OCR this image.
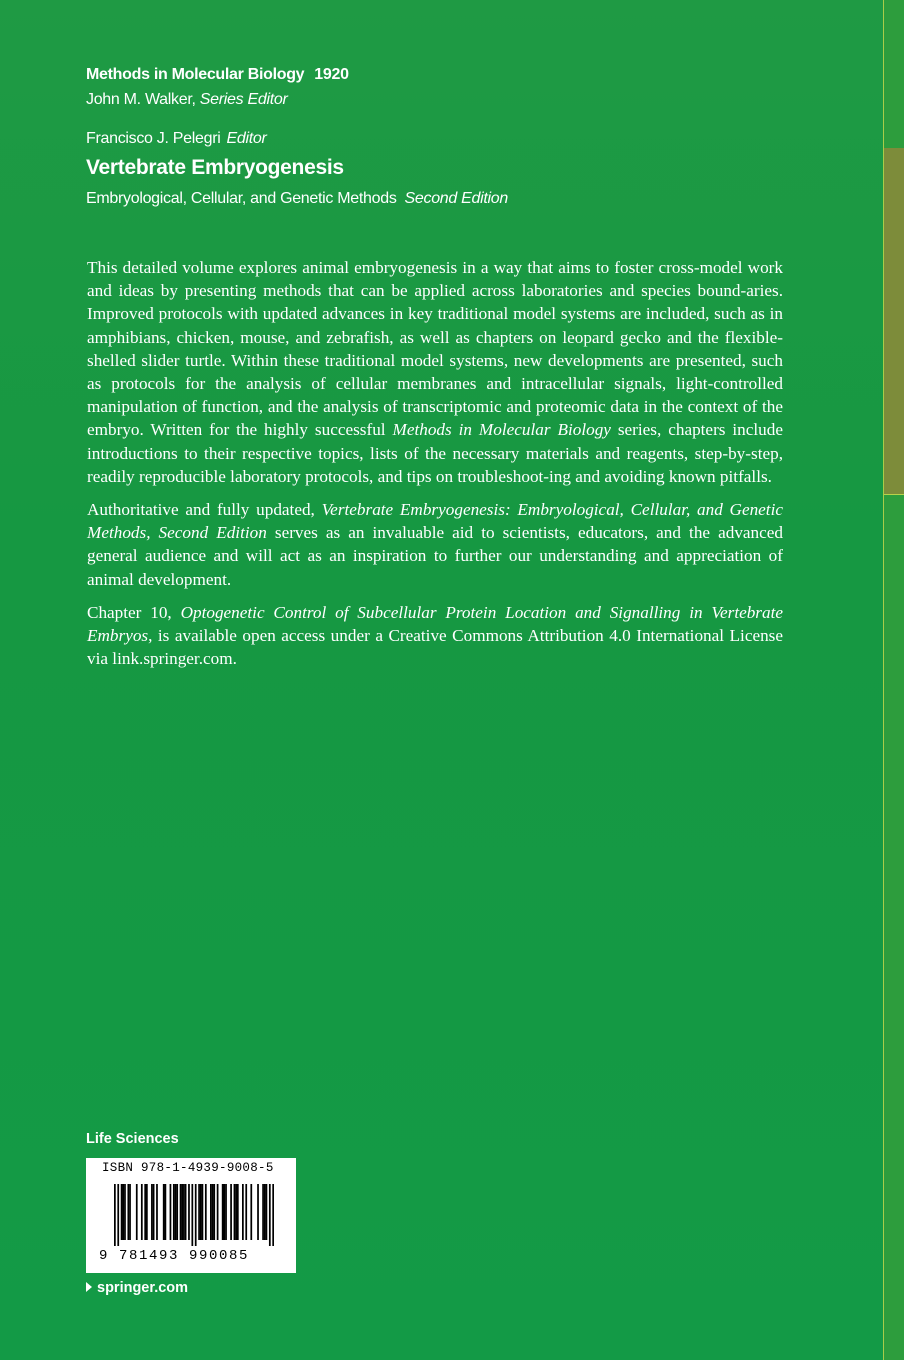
Methods in Molecular Biology 1920
John M. Walker, Series Editor
Francisco J. Pelegri Editor
Vertebrate Embryogenesis
Embryological, Cellular, and Genetic Methods Second Edition

This detailed volume explores animal embryogenesis in a way that aims to foster cross-model work and ideas by presenting methods that can be applied across laboratories and species bound-aries. Improved protocols with updated advances in key traditional model systems are included, such as in amphibians, chicken, mouse, and zebrafish, as well as chapters on leopard gecko and the flexible-shelled slider turtle. Within these traditional model systems, new developments are presented, such as protocols for the analysis of cellular membranes and intracellular signals, light-controlled manipulation of function, and the analysis of transcriptomic and proteomic data in the context of the embryo. Written for the highly successful Methods in Molecular Biology series, chapters include introductions to their respective topics, lists of the necessary materials and reagents, step-by-step, readily reproducible laboratory protocols, and tips on troubleshoot-ing and avoiding known pitfalls.

Authoritative and fully updated, Vertebrate Embryogenesis: Embryological, Cellular, and Genetic Methods, Second Edition serves as an invaluable aid to scientists, educators, and the advanced general audience and will act as an inspiration to further our understanding and appreciation of animal development.

Chapter 10, Optogenetic Control of Subcellular Protein Location and Signalling in Vertebrate Embryos, is available open access under a Creative Commons Attribution 4.0 International License via link.springer.com.

Life Sciences
ISBN 978-1-4939-9008-5
9 781493 990085
springer.com
